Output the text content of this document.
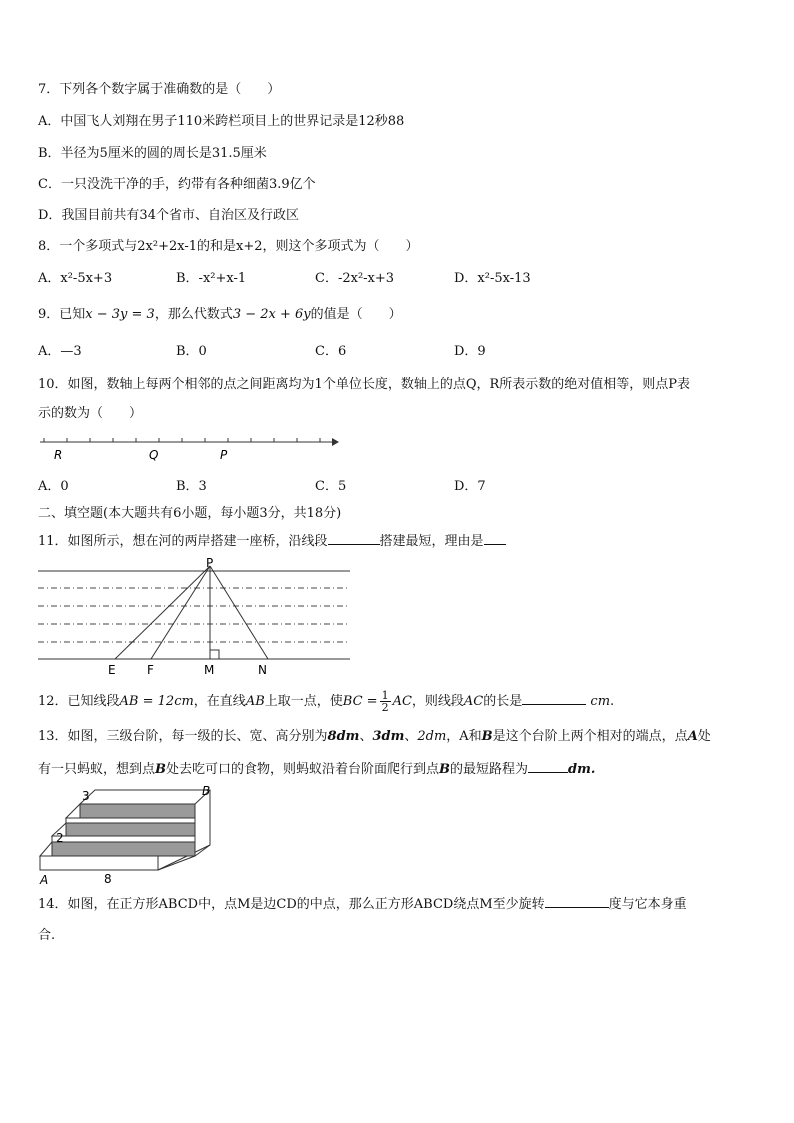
7．下列各个数字属于准确数的是（　　）
A．中国飞人刘翔在男子110米跨栏项目上的世界记录是12秒88
B．半径为5厘米的圆的周长是31.5厘米
C．一只没洗干净的手，约带有各种细菌3.9亿个
D．我国目前共有34个省市、自治区及行政区
8．一个多项式与2x²+2x-1的和是x+2，则这个多项式为（　　）
A．x²-5x+3	B．-x²+x-1	C．-2x²-x+3	D．x²-5x-13
9．已知x − 3y = 3，那么代数式3 − 2x + 6y的值是（　　）
A．—3	B．0	C．6	D．9
10．如图，数轴上每两个相邻的点之间距离均为1个单位长度，数轴上的点Q，R所表示数的绝对值相等，则点P表
示的数为（　　）
R	Q	P
A．0	B．3	C．5	D．7
二、填空题(本大题共有6小题，每小题3分，共18分)
11．如图所示，想在河的两岸搭建一座桥，沿线段	搭建最短，理由是
P
E	F	M	N
12．已知线段AB = 12cm，在直线AB上取一点，使BC = $\frac{1}{2}$ AC，则线段AC的长是	cm.
13．如图，三级台阶，每一级的长、宽、高分别为8dm、3dm、2dm，A和B是这个台阶上两个相对的端点，点A处
有一只蚂蚁，想到点B处去吃可口的食物，则蚂蚁沿着台阶面爬行到点B的最短路程为	dm.
3	B
2
A	8
14．如图，在正方形ABCD中，点M是边CD的中点，那么正方形ABCD绕点M至少旋转	度与它本身重
合.
